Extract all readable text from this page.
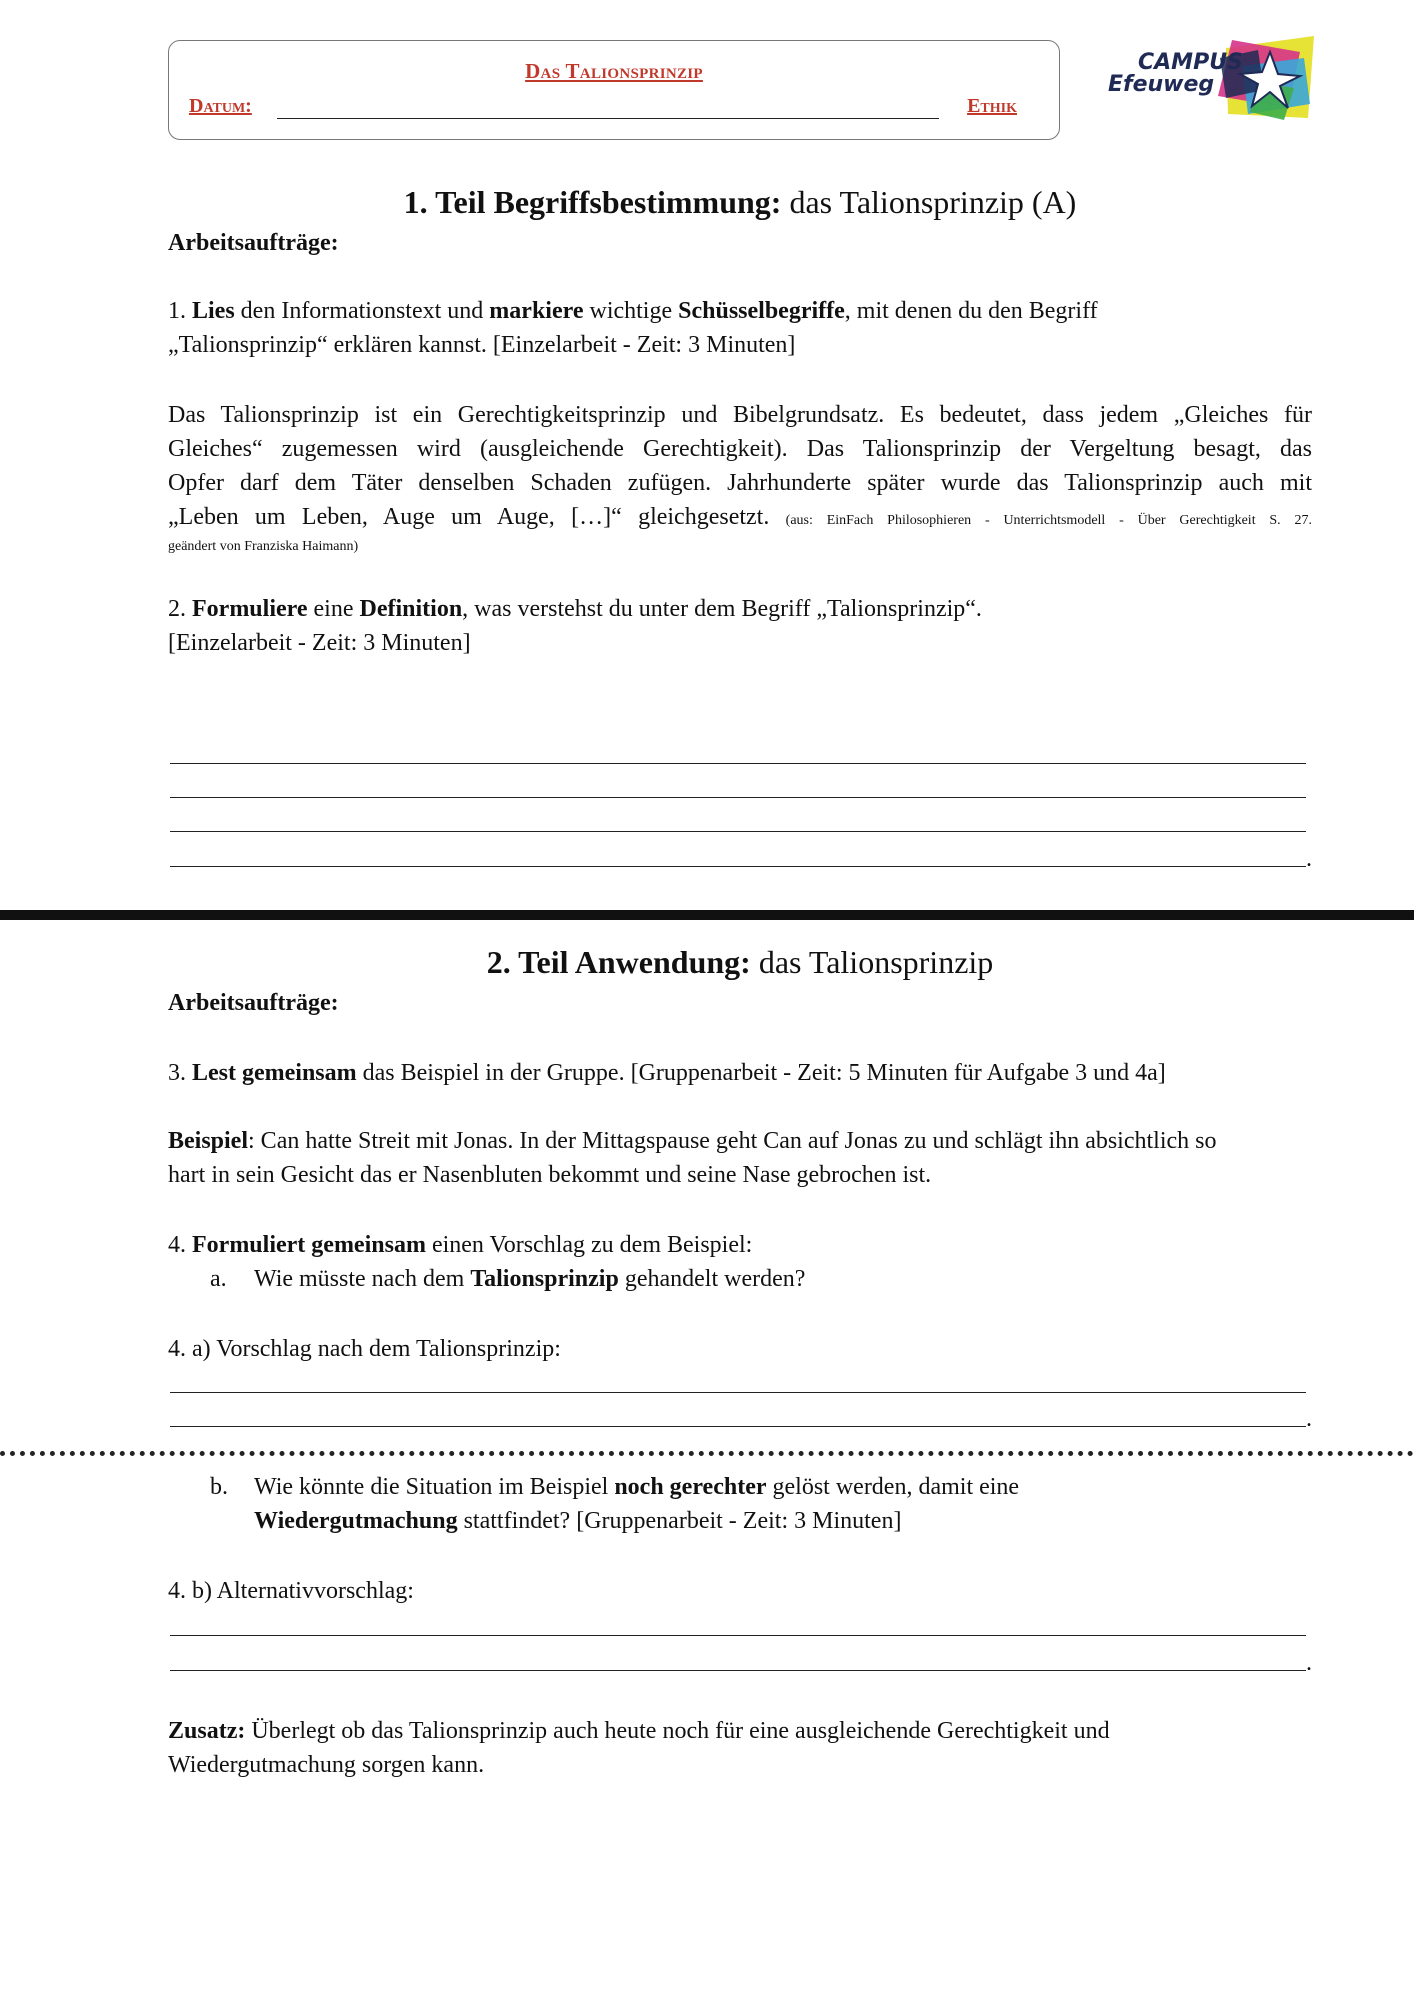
Das Talionsprinzip
Datum:	Ethik
CAMPUS
Efeuweg
1. Teil Begriffsbestimmung: das Talionsprinzip (A)
Arbeitsaufträge:
1. Lies den Informationstext und markiere wichtige Schüsselbegriffe, mit denen du den Begriff
„Talionsprinzip“ erklären kannst. [Einzelarbeit - Zeit: 3 Minuten]
Das Talionsprinzip ist ein Gerechtigkeitsprinzip und Bibelgrundsatz. Es bedeutet, dass jedem „Gleiches für
Gleiches“ zugemessen wird (ausgleichende Gerechtigkeit). Das Talionsprinzip der Vergeltung besagt, das
Opfer darf dem Täter denselben Schaden zufügen. Jahrhunderte später wurde das Talionsprinzip auch mit
„Leben um Leben, Auge um Auge, […]“ gleichgesetzt. (aus: EinFach Philosophieren - Unterrichtsmodell - Über Gerechtigkeit S. 27.
geändert von Franziska Haimann)
2. Formuliere eine Definition, was verstehst du unter dem Begriff „Talionsprinzip“.
[Einzelarbeit - Zeit: 3 Minuten]
.
2. Teil Anwendung: das Talionsprinzip
Arbeitsaufträge:
3. Lest gemeinsam das Beispiel in der Gruppe. [Gruppenarbeit - Zeit: 5 Minuten für Aufgabe 3 und 4a]
Beispiel: Can hatte Streit mit Jonas. In der Mittagspause geht Can auf Jonas zu und schlägt ihn absichtlich so
hart in sein Gesicht das er Nasenbluten bekommt und seine Nase gebrochen ist.
4. Formuliert gemeinsam einen Vorschlag zu dem Beispiel:
a. Wie müsste nach dem Talionsprinzip gehandelt werden?
4. a) Vorschlag nach dem Talionsprinzip:
.
b. Wie könnte die Situation im Beispiel noch gerechter gelöst werden, damit eine
Wiedergutmachung stattfindet? [Gruppenarbeit - Zeit: 3 Minuten]
4. b) Alternativvorschlag:
.
Zusatz: Überlegt ob das Talionsprinzip auch heute noch für eine ausgleichende Gerechtigkeit und
Wiedergutmachung sorgen kann.
